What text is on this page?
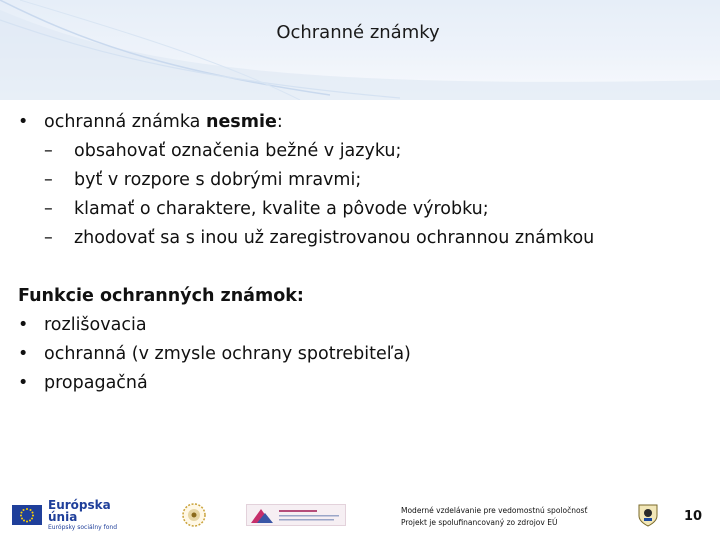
Ochranné známky
• ochranná známka nesmie:
–	obsahovať označenia bežné v jazyku;
–	byť v rozpore s dobrými mravmi;
–	klamať o charaktere, kvalite a pôvode výrobku;
–	zhodovať sa s inou už zaregistrovanou ochrannou známkou
Funkcie ochranných známok:
• rozlišovacia
• ochranná (v zmysle ochrany spotrebiteľa)
• propagačná
Európska únia
Európsky sociálny fond
Moderné vzdelávanie pre vedomostnú spoločnosť
Projekt je spolufinancovaný zo zdrojov EÚ	10
